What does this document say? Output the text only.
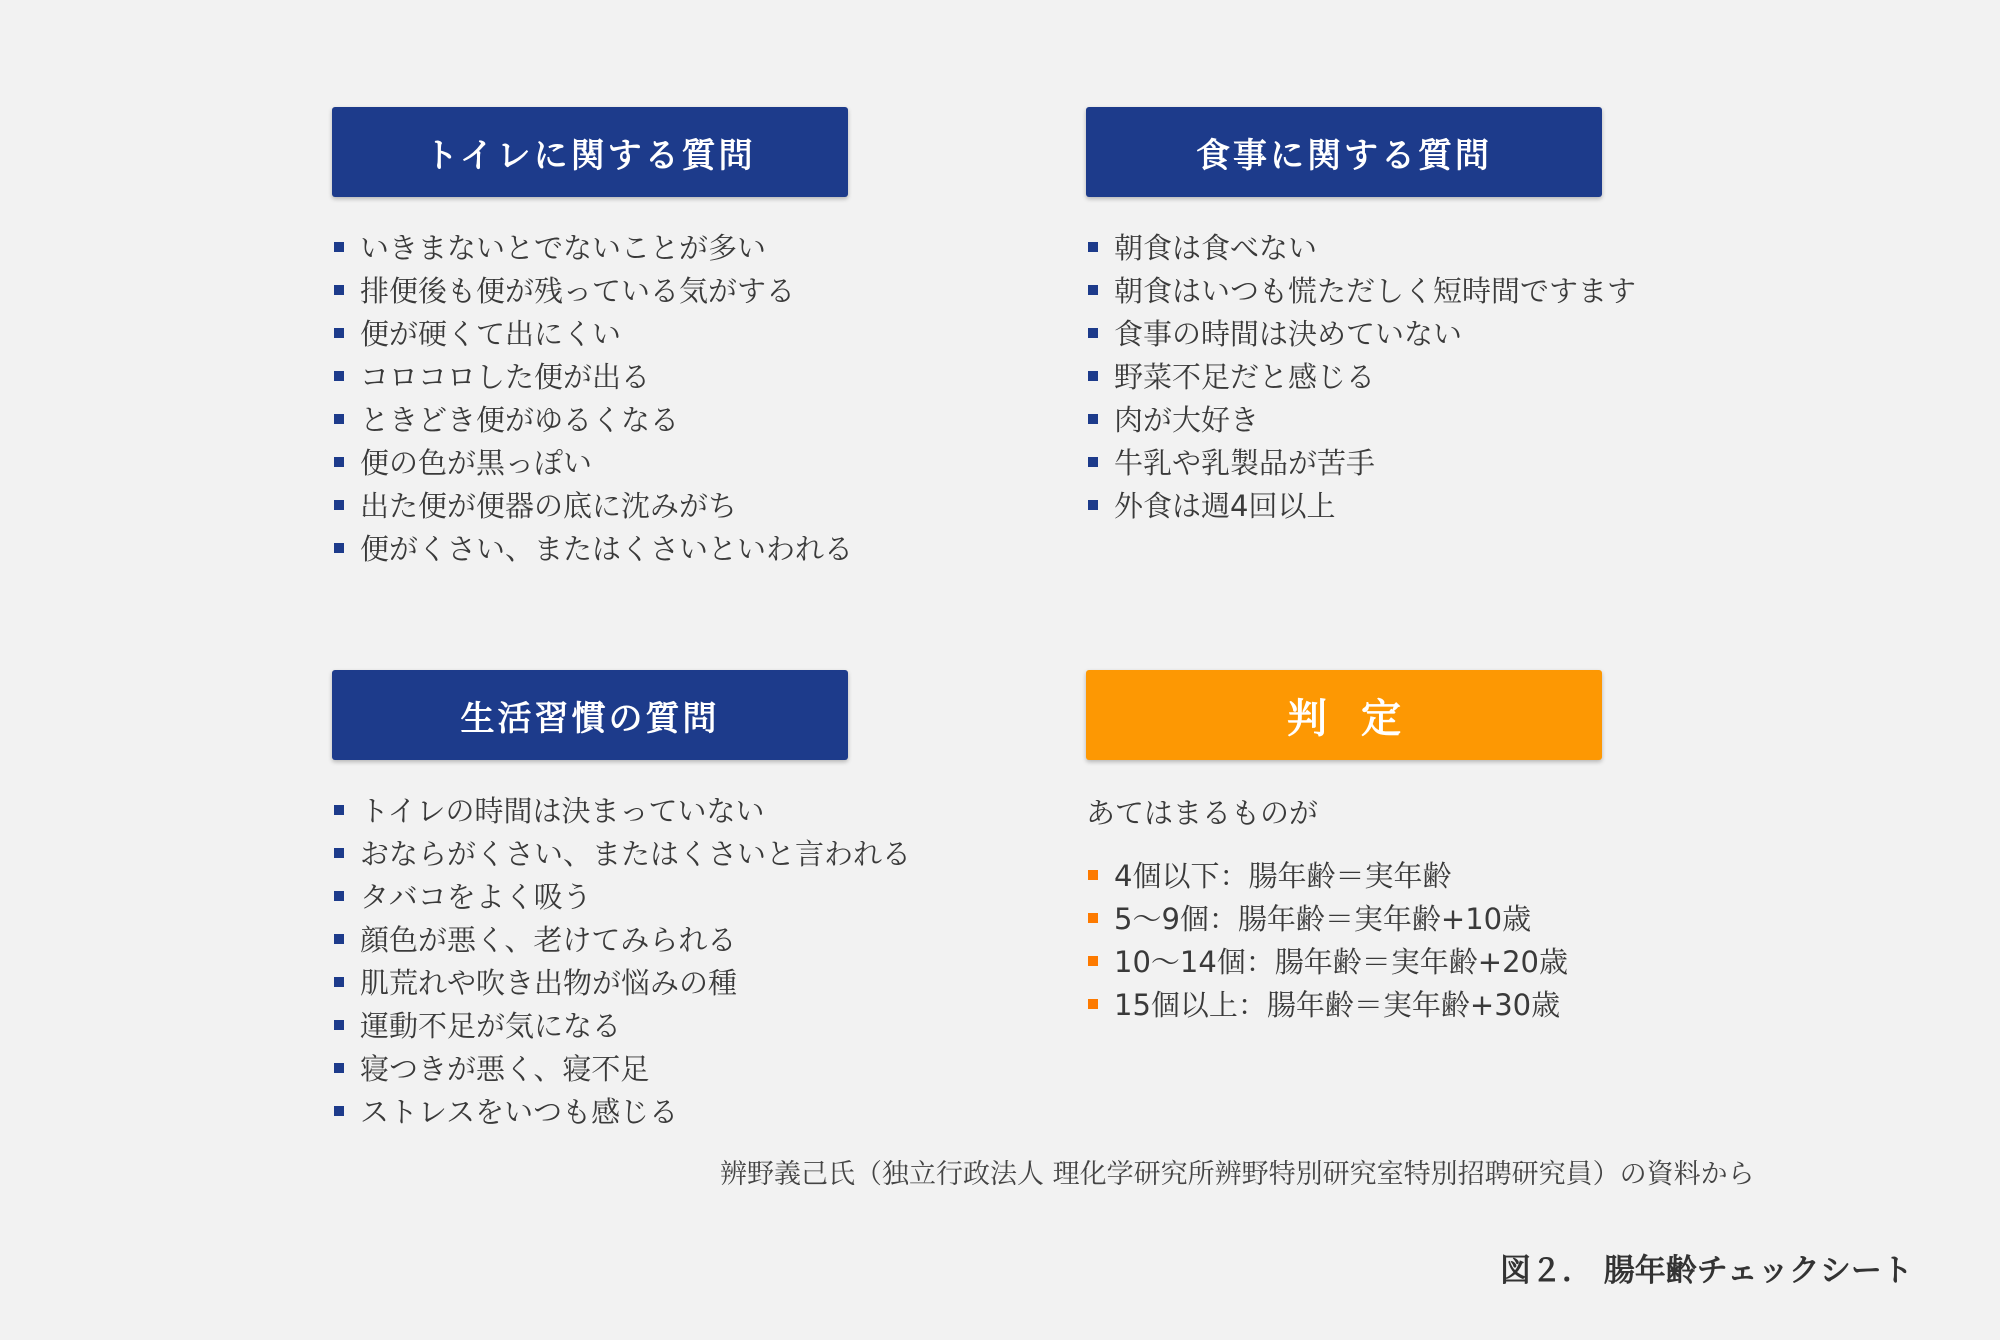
トイレに関する質問
いきまないとでないことが多い
排便後も便が残っている気がする
便が硬くて出にくい
コロコロした便が出る
ときどき便がゆるくなる
便の色が黒っぽい
出た便が便器の底に沈みがち
便がくさい、またはくさいといわれる
食事に関する質問
朝食は食べない
朝食はいつも慌ただしく短時間ですます
食事の時間は決めていない
野菜不足だと感じる
肉が大好き
牛乳や乳製品が苦手
外食は週4回以上
生活習慣の質問
トイレの時間は決まっていない
おならがくさい、またはくさいと言われる
タバコをよく吸う
顔色が悪く、老けてみられる
肌荒れや吹き出物が悩みの種
運動不足が気になる
寝つきが悪く、寝不足
ストレスをいつも感じる
判定
あてはまるものが
4個以下：腸年齢＝実年齢
5～9個：腸年齢＝実年齢+10歳
10～14個：腸年齢＝実年齢+20歳
15個以上：腸年齢＝実年齢+30歳
辨野義己氏（独立行政法人 理化学研究所辨野特別研究室特別招聘研究員）の資料から
図２． 腸年齢チェックシート
